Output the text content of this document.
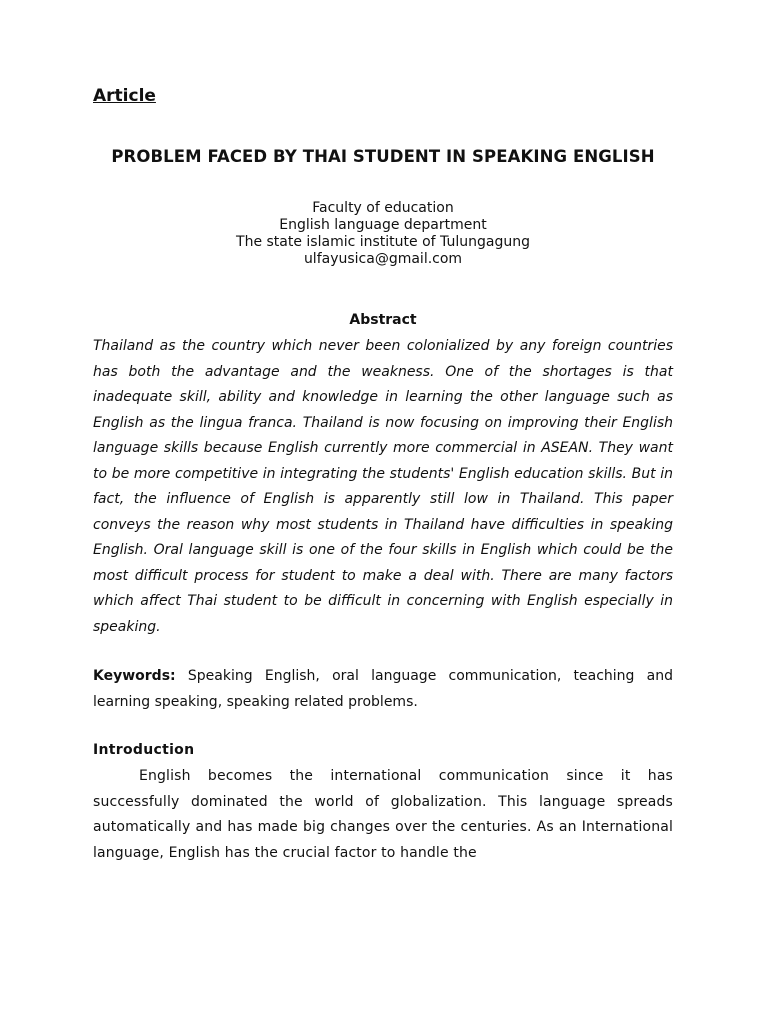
Article

PROBLEM FACED BY THAI STUDENT IN SPEAKING ENGLISH
Faculty of education
English language department
The state islamic institute of Tulungagung
ulfayusica@gmail.com
Abstract
Thailand as the country which never been colonialized by any foreign countries has both the advantage and the weakness. One of the shortages is that inadequate skill, ability and knowledge in learning the other language such as English as the lingua franca. Thailand is now focusing on improving their English language skills because English currently more commercial in ASEAN. They want to be more competitive in integrating the students' English education skills. But in fact, the influence of English is apparently still low in Thailand. This paper conveys the reason why most students in Thailand have difficulties in speaking English. Oral language skill is one of the four skills in English which could be the most difficult process for student to make a deal with. There are many factors which affect Thai student to be difficult in concerning with English especially in speaking.
Keywords: Speaking English, oral language communication, teaching and learning speaking, speaking related problems.
Introduction
English becomes the international communication since it has successfully dominated the world of globalization. This language spreads automatically and has made big changes over the centuries. As an International language, English has the crucial factor to handle the
